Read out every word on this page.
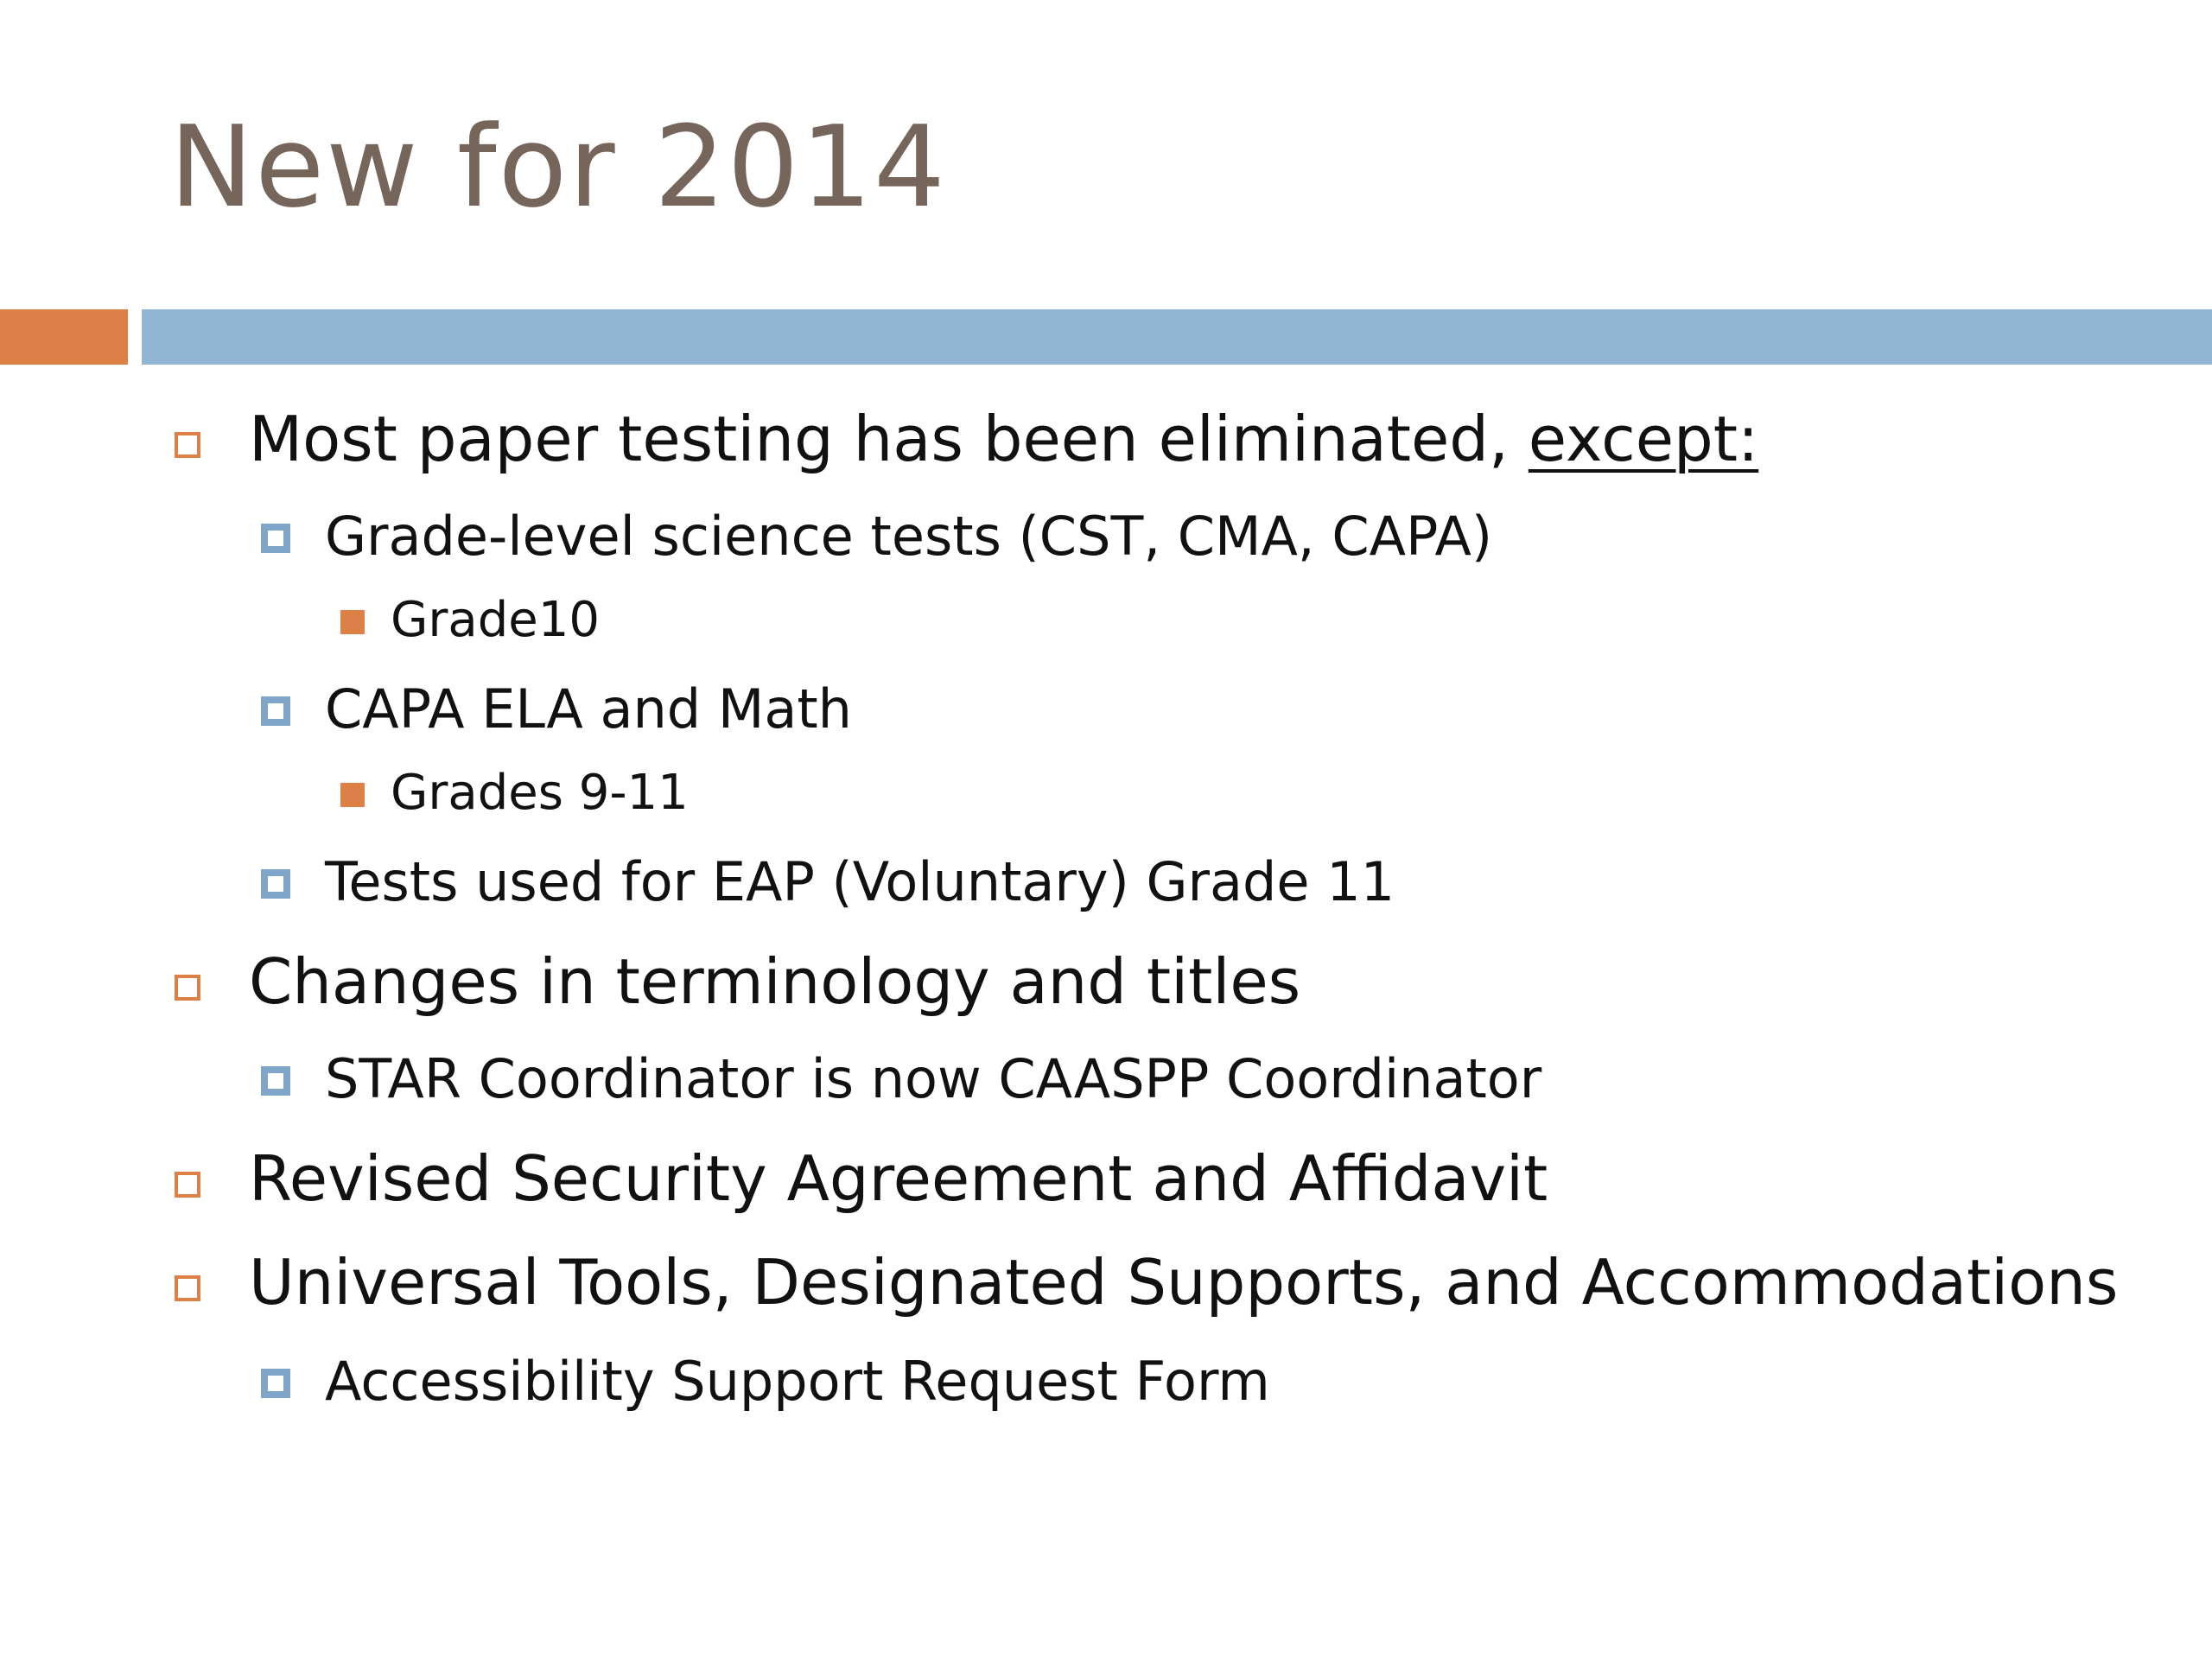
New for 2014
Most paper testing has been eliminated, except:
Grade-level science tests (CST, CMA, CAPA)
Grade10
CAPA ELA and Math
Grades 9-11
Tests used for EAP (Voluntary) Grade 11
Changes in terminology and titles
STAR Coordinator is now CAASPP Coordinator
Revised Security Agreement and Affidavit
Universal Tools, Designated Supports, and Accommodations
Accessibility Support Request Form
